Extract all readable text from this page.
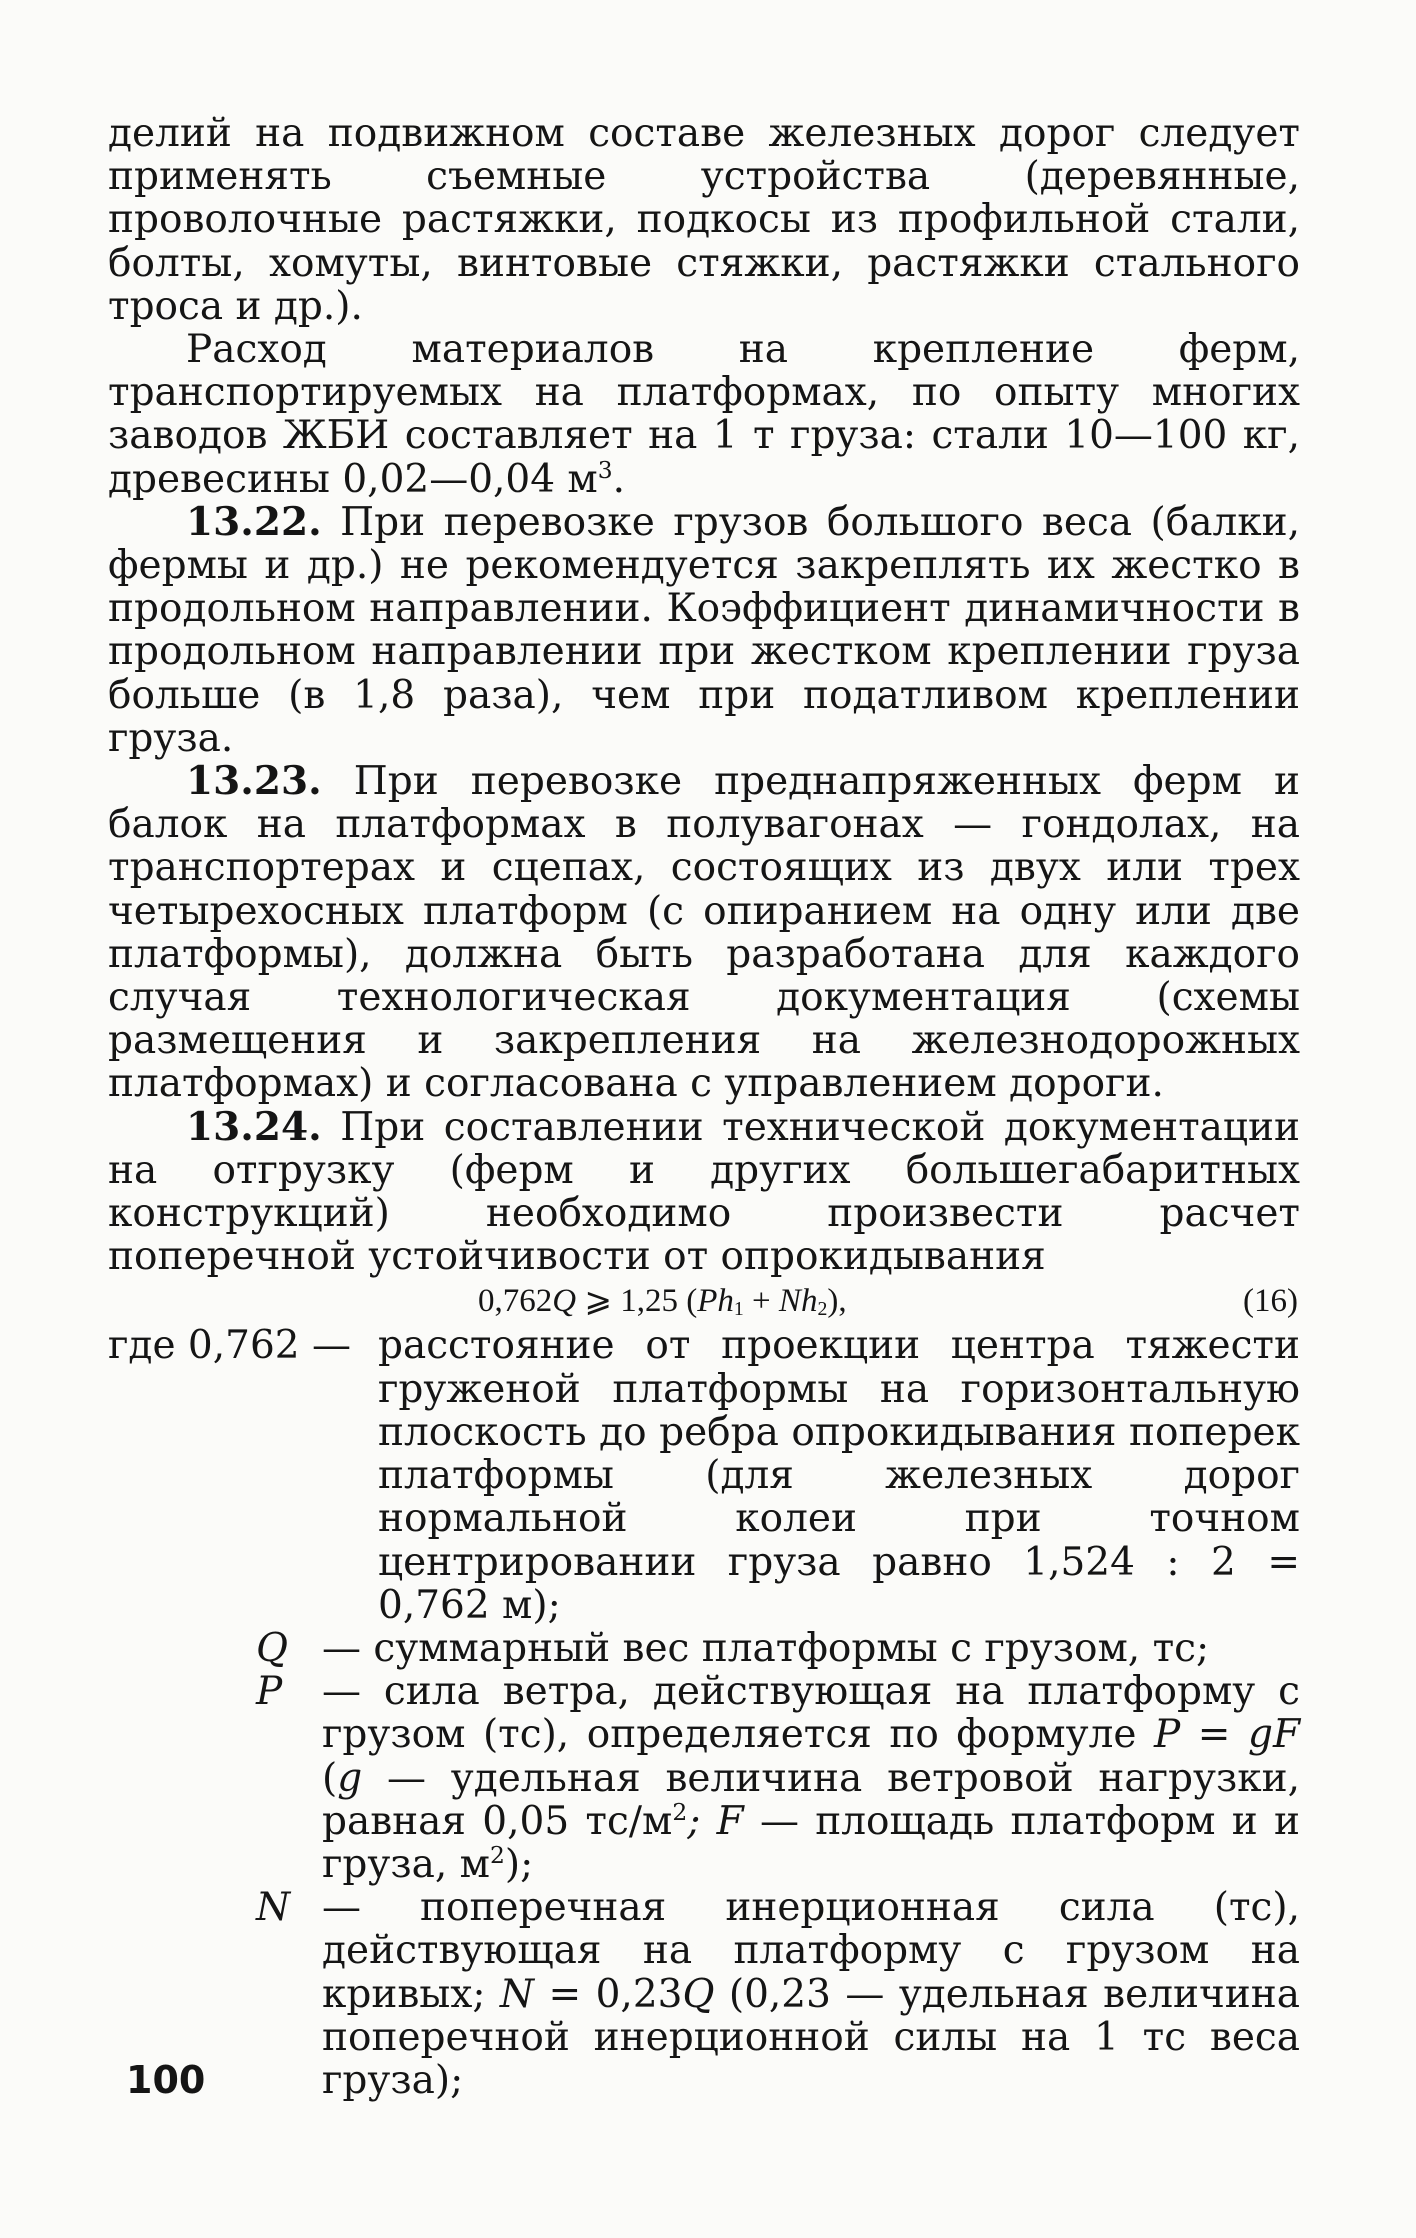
делий на подвижном составе железных дорог следует применять съемные устройства (деревянные, проволочные растяжки, подкосы из профильной стали, болты, хомуты, винтовые стяжки, растяжки стального троса и др.).

Расход материалов на крепление ферм, транспортируемых на платформах, по опыту многих заводов ЖБИ составляет на 1 т груза: стали 10—100 кг, древесины 0,02—0,04 $м^3$.

13.22. При перевозке грузов большого веса (балки, фермы и др.) не рекомендуется закреплять их жестко в продольном направлении. Коэффициент динамичности в продольном направлении при жестком креплении груза больше (в 1,8 раза), чем при податливом креплении груза.

13.23. При перевозке преднапряженных ферм и балок на платформах в полувагонах — гондолах, на транспортерах и сцепах, состоящих из двух или трех четырехосных платформ (с опиранием на одну или две платформы), должна быть разработана для каждого случая технологическая документация (схемы размещения и закрепления на железнодорожных платформах) и согласована с управлением дороги.

13.24. При составлении технической документации на отгрузку (ферм и других большегабаритных конструкций) необходимо произвести расчет поперечной устойчивости от опрокидывания

0,762Q ⩾ 1,25 $(Ph_1 + Nh_2)$,	(16)
где 0,762 — расстояние от проекции центра тяжести груженой платформы на горизонтальную плоскость до ребра опрокидывания поперек платформы (для железных дорог нормальной колеи при точном центрировании груза равно 1,524 : 2 = 0,762 м);
Q — суммарный вес платформы с грузом, тс;
P	— сила ветра, действующая на платформу с грузом (тс), определяется по формуле P = gF (g — удельная величина ветровой нагрузки, равная 0,05 $тс/м^2$; F — площадь платформ и и груза, $м^2$);
N — поперечная инерционная сила (тс), действующая на платформу с грузом на кривых; N = 0,23Q (0,23 — удельная величина поперечной инерционной силы на 1 тс веса груза);
100
